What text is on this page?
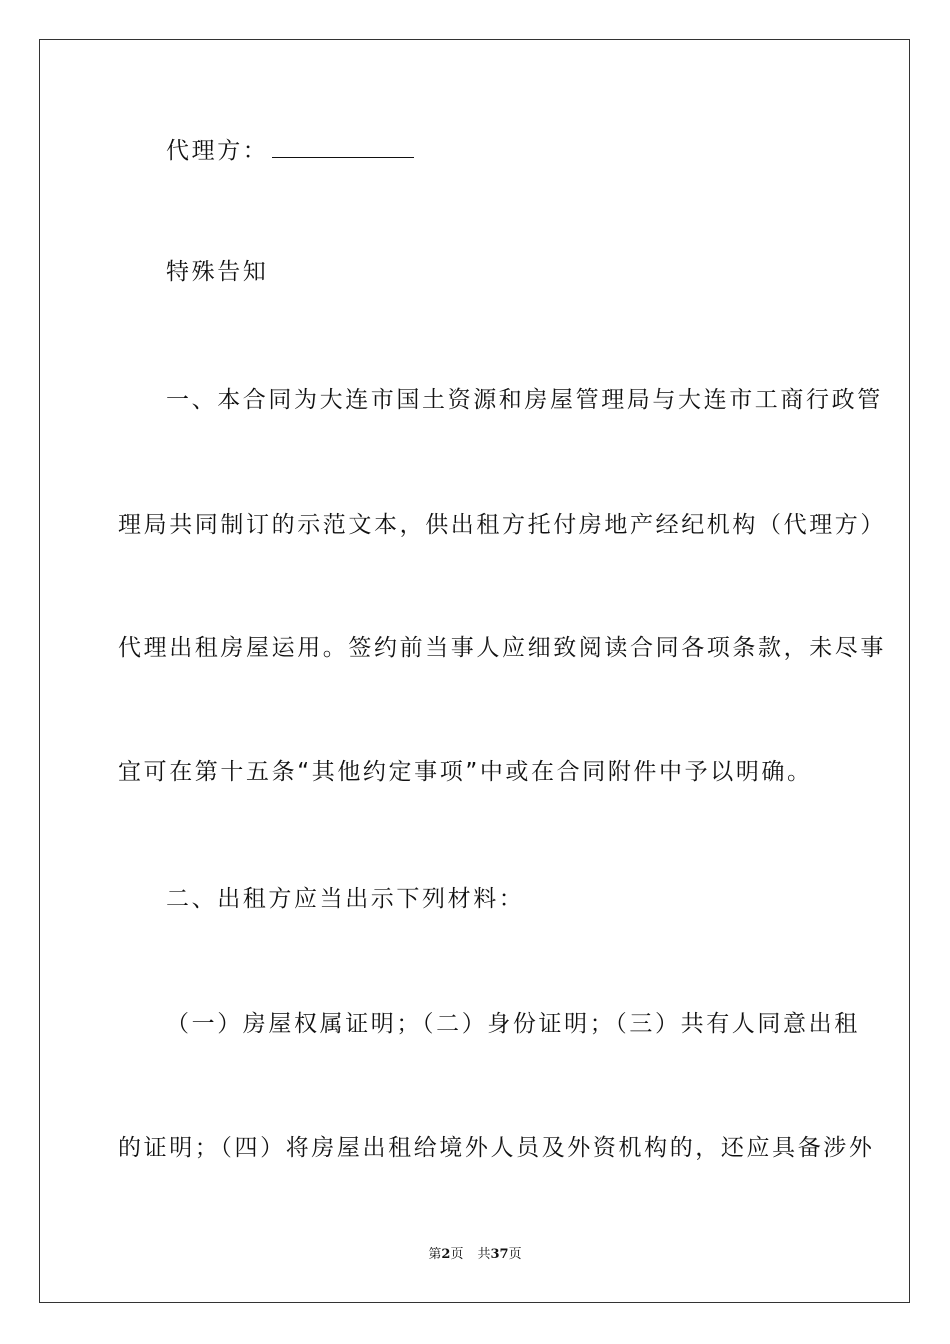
代理方：

特殊告知

一、本合同为大连市国土资源和房屋管理局与大连市工商行政管

理局共同制订的示范文本，供出租方托付房地产经纪机构（代理方）

代理出租房屋运用。签约前当事人应细致阅读合同各项条款，未尽事

宜可在第十五条“其他约定事项”中或在合同附件中予以明确。

二、出租方应当出示下列材料：

（一）房屋权属证明；（二）身份证明；（三）共有人同意出租

的证明；（四）将房屋出租给境外人员及外资机构的，还应具备涉外

第2页 共37页
